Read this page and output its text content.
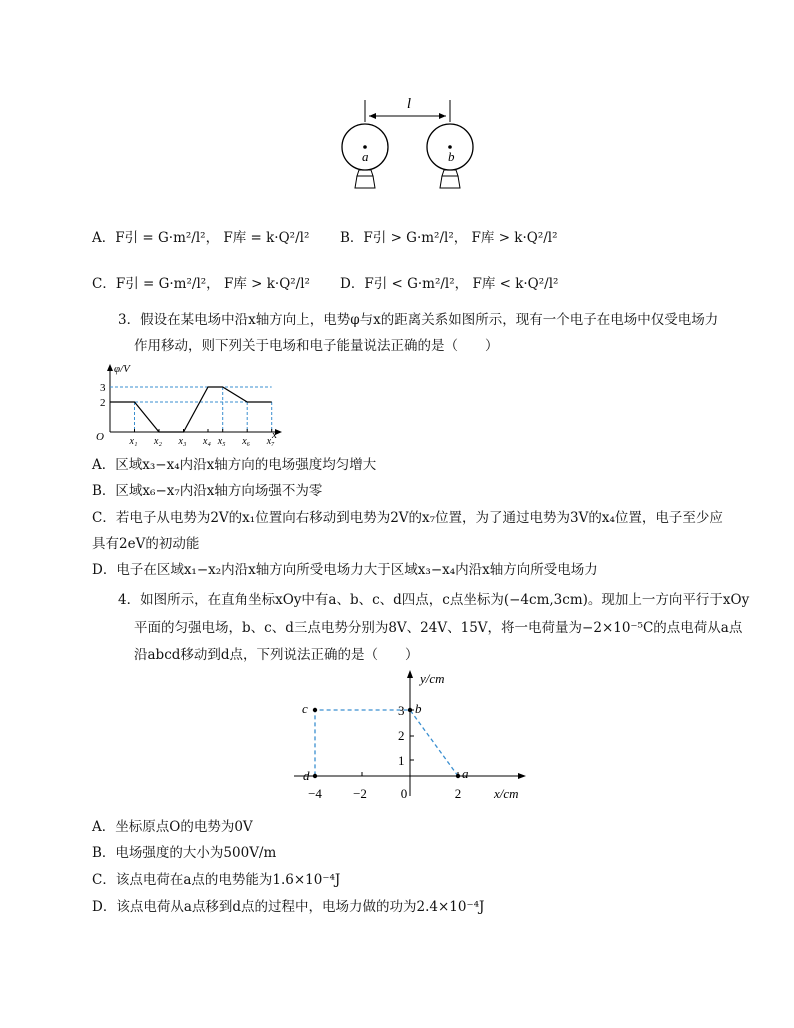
l
a	b
A．F引 = G·m²/l²， F库 = k·Q²/l² B．F引 > G·m²/l²， F库 > k·Q²/l²
C．F引 = G·m²/l²， F库 > k·Q²/l² D．F引 < G·m²/l²， F库 < k·Q²/l²
3．假设在某电场中沿x轴方向上，电势φ与x的距离关系如图所示，现有一个电子在电场中仅受电场力
作用移动，则下列关于电场和电子能量说法正确的是（　　）
φ/V
x
O
2
3
x₁ x₂ x₃ x₄ x₅ x₆ x₇
A．区域x₃−x₄内沿x轴方向的电场强度均匀增大
B．区域x₆−x₇内沿x轴方向场强不为零
C．若电子从电势为2V的x₁位置向右移动到电势为2V的x₇位置，为了通过电势为3V的x₄位置，电子至少应
具有2eV的初动能
D．电子在区域x₁−x₂内沿x轴方向所受电场力大于区域x₃−x₄内沿x轴方向所受电场力
4．如图所示，在直角坐标xOy中有a、b、c、d四点，c点坐标为(−4cm,3cm)。现加上一方向平行于xOy
平面的匀强电场，b、c、d三点电势分别为8V、24V、15V，将一电荷量为−2×10⁻⁵C的点电荷从a点
沿abcd移动到d点，下列说法正确的是（　　）
y/cm
x/cm
−4 −2	0	2
1
2
3
a
b
c
d
A．坐标原点O的电势为0V
B．电场强度的大小为500V/m
C．该点电荷在a点的电势能为1.6×10⁻⁴J
D．该点电荷从a点移到d点的过程中，电场力做的功为2.4×10⁻⁴J
